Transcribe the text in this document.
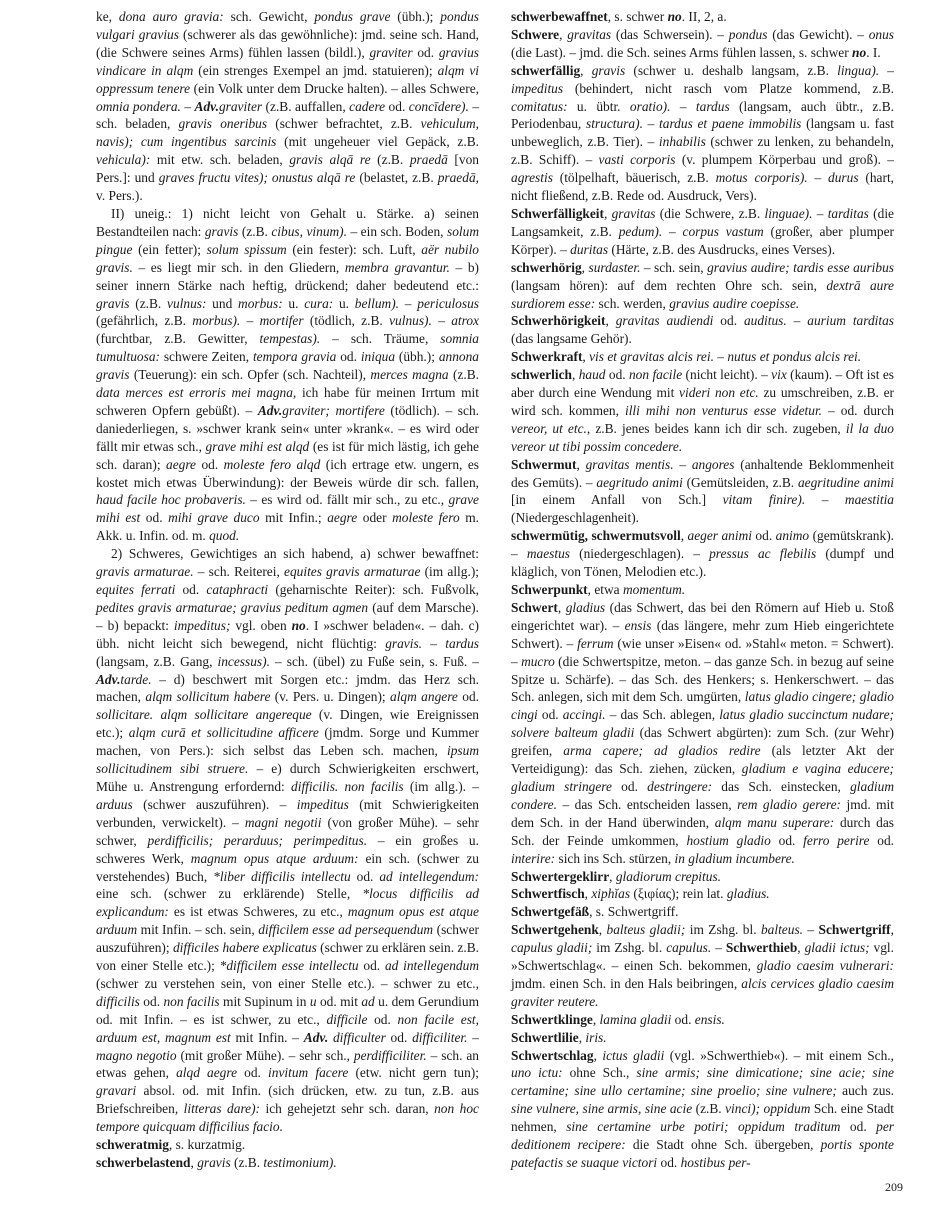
ke, dona auro gravia: sch. Gewicht, pondus grave (übh.); pondus vulgari gravius (schwerer als das gewöhnliche): jmd. seine sch. Hand, (die Schwere seines Arms) fühlen lassen (bildl.), graviter od. gravius vindicare in alqm (ein strenges Exempel an jmd. statuieren); alqm vi oppressum tenere (ein Volk unter dem Drucke halten). – alles Schwere, omnia pondera. – Adv.graviter (z.B. auffallen, cadere od. concīdere). – sch. beladen, gravis oneribus (schwer befrachtet, z.B. vehiculum, navis); cum ingentibus sarcinis (mit ungeheuer viel Gepäck, z.B. vehicula): mit etw. sch. beladen, gravis alqā re (z.B. praedā [von Pers.]: und graves fructu vites); onustus alqā re (belastet, z.B. praedā, v. Pers.).

II) uneig.: 1) nicht leicht von Gehalt u. Stärke. a) seinen Bestandteilen nach: gravis (z.B. cibus, vinum). – ein sch. Boden, solum pingue (ein fetter); solum spissum (ein fester): sch. Luft, aër nubilo gravis. – es liegt mir sch. in den Gliedern, membra gravantur. – b) seiner innern Stärke nach heftig, drückend; daher bedeutend etc.: gravis (z.B. vulnus: und morbus: u. cura: u. bellum). – periculosus (gefährlich, z.B. morbus). – mortifer (tödlich, z.B. vulnus). – atrox (furchtbar, z.B. Gewitter, tempestas). – sch. Träume, somnia tumultuosa: schwere Zeiten, tempora gravia od. iniqua (übh.); annona gravis (Teuerung): ein sch. Opfer (sch. Nachteil), merces magna (z.B. data merces est erroris mei magna, ich habe für meinen Irrtum mit schweren Opfern gebüßt). – Adv.graviter; mortifere (tödlich). – sch. daniederliegen, s. »schwer krank sein« unter »krank«. – es wird oder fällt mir etwas sch., grave mihi est alqd (es ist für mich lästig, ich gehe sch. daran); aegre od. moleste fero alqd (ich ertrage etw. ungern, es kostet mich etwas Überwindung): der Beweis würde dir sch. fallen, haud facile hoc probaveris. – es wird od. fällt mir sch., zu etc., grave mihi est od. mihi grave duco mit Infin.; aegre oder moleste fero m. Akk. u. Infin. od. m. quod.

2) Schweres, Gewichtiges an sich habend, a) schwer bewaffnet: gravis armaturae. – sch. Reiterei, equites gravis armaturae (im allg.); equites ferrati od. cataphracti (geharnischte Reiter): sch. Fußvolk, pedites gravis armaturae; gravius peditum agmen (auf dem Marsche). – b) bepackt: impeditus; vgl. oben no. I »schwer beladen«. – dah. c) übh. nicht leicht sich bewegend, nicht flüchtig: gravis. – tardus (langsam, z.B. Gang, incessus). – sch. (übel) zu Fuße sein, s. Fuß. – Adv.tarde. – d) beschwert mit Sorgen etc.: jmdm. das Herz sch. machen, alqm sollicitum habere (v. Pers. u. Dingen); alqm angere od. sollicitare. alqm sollicitare angereque (v. Dingen, wie Ereignissen etc.); alqm curā et sollicitudine afficere (jmdm. Sorge und Kummer machen, von Pers.): sich selbst das Leben sch. machen, ipsum sollicitudinem sibi struere. – e) durch Schwierigkeiten erschwert, Mühe u. Anstrengung erfordernd: difficilis. non facilis (im allg.). – arduus (schwer auszuführen). – impeditus (mit Schwierigkeiten verbunden, verwickelt). – magni negotii (von großer Mühe). – sehr schwer, perdifficilis; perarduus; perimpeditus. – ein großes u. schweres Werk, magnum opus atque arduum: ein sch. (schwer zu verstehendes) Buch, *liber difficilis intellectu od. ad intellegendum: eine sch. (schwer zu erklärende) Stelle, *locus difficilis ad explicandum: es ist etwas Schweres, zu etc., magnum opus est atque arduum mit Infin. – sch. sein, difficilem esse ad persequendum (schwer auszuführen); difficiles habere explicatus (schwer zu erklären sein. z.B. von einer Stelle etc.); *difficilem esse intellectu od. ad intellegendum (schwer zu verstehen sein, von einer Stelle etc.). – schwer zu etc., difficilis od. non facilis mit Supinum in u od. mit ad u. dem Gerundium od. mit Infin. – es ist schwer, zu etc., difficile od. non facile est, arduum est, magnum est mit Infin. – Adv. difficulter od. difficiliter. – magno negotio (mit großer Mühe). – sehr sch., perdifficiliter. – sch. an etwas gehen, alqd aegre od. invitum facere (etw. nicht gern tun); gravari absol. od. mit Infin. (sich drücken, etw. zu tun, z.B. aus Briefschreiben, litteras dare): ich gehejetzt sehr sch. daran, non hoc tempore quicquam difficilius facio.

schweratmig, s. kurzatmig.

schwerbelastend, gravis (z.B. testimonium).

schwerbewaffnet, s. schwer no. II, 2, a.

Schwere, gravitas (das Schwersein). – pondus (das Gewicht). – onus (die Last). – jmd. die Sch. seines Arms fühlen lassen, s. schwer no. I.

schwerfällig, gravis (schwer u. deshalb langsam, z.B. lingua). – impeditus (behindert, nicht rasch vom Platze kommend, z.B. comitatus: u. übtr. oratio). – tardus (langsam, auch übtr., z.B. Periodenbau, structura). – tardus et paene immobilis (langsam u. fast unbeweglich, z.B. Tier). – inhabilis (schwer zu lenken, zu behandeln, z.B. Schiff). – vasti corporis (v. plumpem Körperbau und groß). – agrestis (tölpelhaft, bäuerisch, z.B. motus corporis). – durus (hart, nicht fließend, z.B. Rede od. Ausdruck, Vers).

Schwerfälligkeit, gravitas (die Schwere, z.B. linguae). – tarditas (die Langsamkeit, z.B. pedum). – corpus vastum (großer, aber plumper Körper). – duritas (Härte, z.B. des Ausdrucks, eines Verses).

schwerhörig, surdaster. – sch. sein, gravius audire; tardis esse auribus (langsam hören): auf dem rechten Ohre sch. sein, dextrā aure surdiorem esse: sch. werden, gravius audire coepisse.

Schwerhörigkeit, gravitas audiendi od. auditus. – aurium tarditas (das langsame Gehör).

Schwerkraft, vis et gravitas alcis rei. – nutus et pondus alcis rei.

schwerlich, haud od. non facile (nicht leicht). – vix (kaum). – Oft ist es aber durch eine Wendung mit videri non etc. zu umschreiben, z.B. er wird sch. kommen, illi mihi non venturus esse videtur. – od. durch vereor, ut etc., z.B. jenes beides kann ich dir sch. zugeben, il la duo vereor ut tibi possim concedere.

Schwermut, gravitas mentis. – angores (anhaltende Beklommenheit des Gemüts). – aegritudo animi (Gemütsleiden, z.B. aegritudine animi [in einem Anfall von Sch.] vitam finire). – maestitia (Niedergeschlagenheit).

schwermütig, schwermutsvoll, aeger animi od. animo (gemütskrank). – maestus (niedergeschlagen). – pressus ac flebilis (dumpf und kläglich, von Tönen, Melodien etc.).

Schwerpunkt, etwa momentum.

Schwert, gladius (das Schwert, das bei den Römern auf Hieb u. Stoß eingerichtet war). – ensis (das längere, mehr zum Hieb eingerichtete Schwert). – ferrum (wie unser »Eisen« od. »Stahl« meton. = Schwert). – mucro (die Schwertspitze, meton. – das ganze Sch. in bezug auf seine Spitze u. Schärfe). – das Sch. des Henkers; s. Henkerschwert. – das Sch. anlegen, sich mit dem Sch. umgürten, latus gladio cingere; gladio cingi od. accingi. – das Sch. ablegen, latus gladio succinctum nudare; solvere balteum gladii (das Schwert abgürten): zum Sch. (zur Wehr) greifen, arma capere; ad gladios redire (als letzter Akt der Verteidigung): das Sch. ziehen, zücken, gladium e vagina educere; gladium stringere od. destringere: das Sch. einstecken, gladium condere. – das Sch. entscheiden lassen, rem gladio gerere: jmd. mit dem Sch. in der Hand überwinden, alqm manu superare: durch das Sch. der Feinde umkommen, hostium gladio od. ferro perire od. interire: sich ins Sch. stürzen, in gladium incumbere.

Schwertergeklirr, gladiorum crepitus.

Schwertfisch, xiphĭas (ξιφίας); rein lat. gladius.

Schwertgefäß, s. Schwertgriff.

Schwertgehenk, balteus gladii; im Zshg. bl. balteus. – Schwertgriff, capulus gladii; im Zshg. bl. capulus. – Schwerthieb, gladii ictus; vgl. »Schwertschlag«. – einen Sch. bekommen, gladio caesim vulnerari: jmdm. einen Sch. in den Hals beibringen, alcis cervices gladio caesim graviter reutere.

Schwertklinge, lamina gladii od. ensis.

Schwertlilie, iris.

Schwertschlag, ictus gladii (vgl. »Schwerthieb«). – mit einem Sch., uno ictu: ohne Sch., sine armis; sine dimicatione; sine acie; sine certamine; sine ullo certamine; sine proelio; sine vulnere; auch zus. sine vulnere, sine armis, sine acie (z.B. vinci); oppidum Sch. eine Stadt nehmen, sine certamine urbe potiri; oppidum traditum od. per deditionem recipere: die Stadt ohne Sch. übergeben, portis sponte patefactis se suaque victori od. hostibus per-

209
